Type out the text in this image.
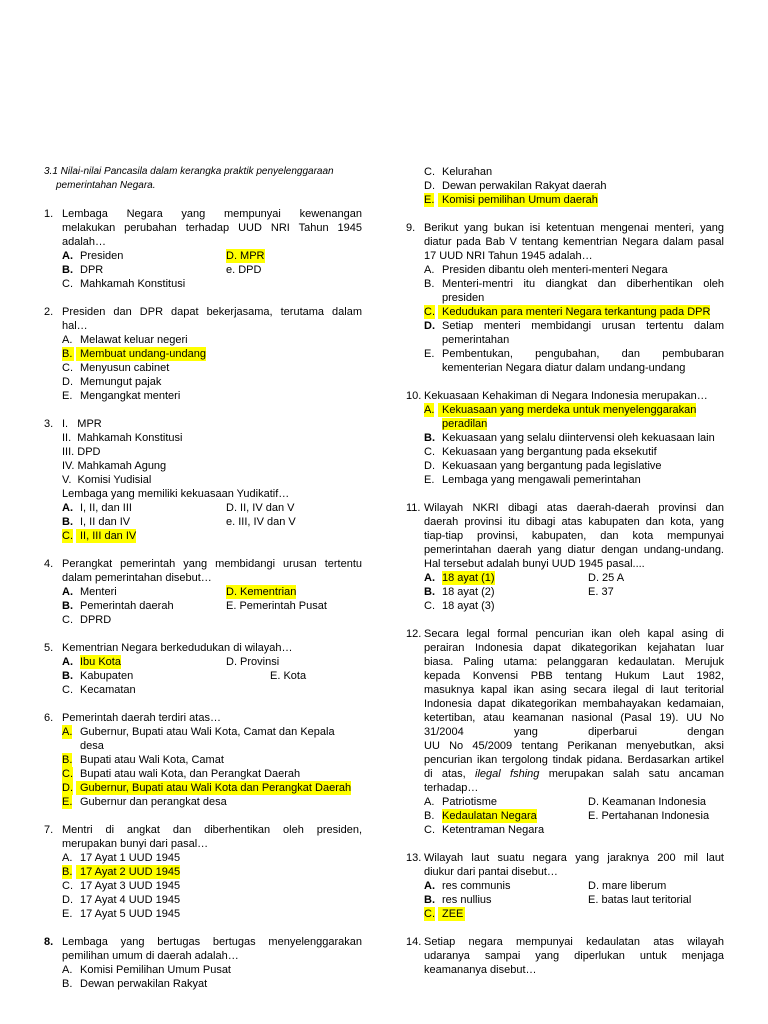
3.1 Nilai-nilai Pancasila dalam kerangka praktik penyelenggaraan
pemerintahan Negara.
1. Lembaga Negara yang mempunyai kewenangan
melakukan perubahan terhadap UUD NRI Tahun 1945
adalah…
A. Presiden	D. MPR
B. DPR	e. DPD
C. Mahkamah Konstitusi
2. Presiden dan DPR dapat bekerjasama, terutama dalam
hal…
A. Melawat keluar negeri
B. Membuat undang-undang
C. Menyusun cabinet
D. Memungut pajak
E. Mengangkat menteri
3. I.   MPR
II.  Mahkamah Konstitusi
III. DPD
IV. Mahkamah Agung
V.  Komisi Yudisial
Lembaga yang memiliki kekuasaan Yudikatif…
A. I, II, dan III	D. II, IV dan V
B. I, II dan IV	e. III, IV dan V
C. II, III dan IV
4. Perangkat pemerintah yang membidangi urusan tertentu
dalam pemerintahan disebut…
A. Menteri	D. Kementrian
B. Pemerintah daerah	E. Pemerintah Pusat
C. DPRD
5. Kementrian Negara berkedudukan di wilayah…
A. Ibu Kota	D. Provinsi
B. Kabupaten	E. Kota
C. Kecamatan
6. Pemerintah daerah terdiri atas…
A. Gubernur, Bupati atau Wali Kota, Camat dan Kepala
desa
B. Bupati atau Wali Kota, Camat
C. Bupati atau wali Kota, dan Perangkat Daerah
D. Gubernur, Bupati atau Wali Kota dan Perangkat Daerah
E. Gubernur dan perangkat desa
7. Mentri di angkat dan diberhentikan oleh presiden,
merupakan bunyi dari pasal…
A. 17 Ayat 1 UUD 1945
B. 17 Ayat 2 UUD 1945
C. 17 Ayat 3 UUD 1945
D. 17 Ayat 4 UUD 1945
E. 17 Ayat 5 UUD 1945
8. Lembaga yang bertugas bertugas menyelenggarakan
pemilihan umum di daerah adalah…
A. Komisi Pemilihan Umum Pusat
B. Dewan perwakilan Rakyat
C. Kelurahan
D. Dewan perwakilan Rakyat daerah
E. Komisi pemilihan Umum daerah
9. Berikut yang bukan isi ketentuan mengenai menteri, yang
diatur pada Bab V tentang kementrian Negara dalam pasal
17 UUD NRI Tahun 1945 adalah…
A. Presiden dibantu oleh menteri-menteri Negara
B. Menteri-mentri itu diangkat dan diberhentikan oleh
presiden
C. Kedudukan para menteri Negara terkantung pada DPR
D. Setiap menteri membidangi urusan tertentu dalam
pemerintahan
E. Pembentukan, pengubahan, dan pembubaran
kementerian Negara diatur dalam undang-undang
10. Kekuasaan Kehakiman di Negara Indonesia merupakan…
A. Kekuasaan yang merdeka untuk menyelenggarakan
peradilan
B. Kekuasaan yang selalu diintervensi oleh kekuasaan lain
C. Kekuasaan yang bergantung pada eksekutif
D. Kekuasaan yang bergantung pada legislative
E. Lembaga yang mengawali pemerintahan
11. Wilayah NKRI dibagi atas daerah-daerah provinsi dan
daerah provinsi itu dibagi atas kabupaten dan kota, yang
tiap-tiap provinsi, kabupaten, dan kota mempunyai
pemerintahan daerah yang diatur dengan undang-undang.
Hal tersebut adalah bunyi UUD 1945 pasal....
A. 18 ayat (1)	D. 25 A
B. 18 ayat (2)	E. 37
C. 18 ayat (3)
12. Secara legal formal pencurian ikan oleh kapal asing di
perairan Indonesia dapat dikategorikan kejahatan luar
biasa. Paling utama: pelanggaran kedaulatan. Merujuk
kepada Konvensi PBB tentang Hukum Laut 1982,
masuknya kapal ikan asing secara ilegal di laut teritorial
Indonesia dapat dikategorikan membahayakan kedamaian,
ketertiban, atau keamanan nasional (Pasal 19). UU No
31/2004 yang diperbarui dengan
UU No 45/2009 tentang Perikanan menyebutkan, aksi
pencurian ikan tergolong tindak pidana. Berdasarkan artikel
di atas, ilegal fshing merupakan salah satu ancaman
terhadap…
A. Patriotisme	D. Keamanan Indonesia
B. Kedaulatan Negara	E. Pertahanan Indonesia
C. Ketentraman Negara
13. Wilayah laut suatu negara yang jaraknya 200 mil laut
diukur dari pantai disebut…
A. res communis	D. mare liberum
B. res nullius	E. batas laut teritorial
C. ZEE
14. Setiap negara mempunyai kedaulatan atas wilayah
udaranya sampai yang diperlukan untuk menjaga
keamananya disebut…
